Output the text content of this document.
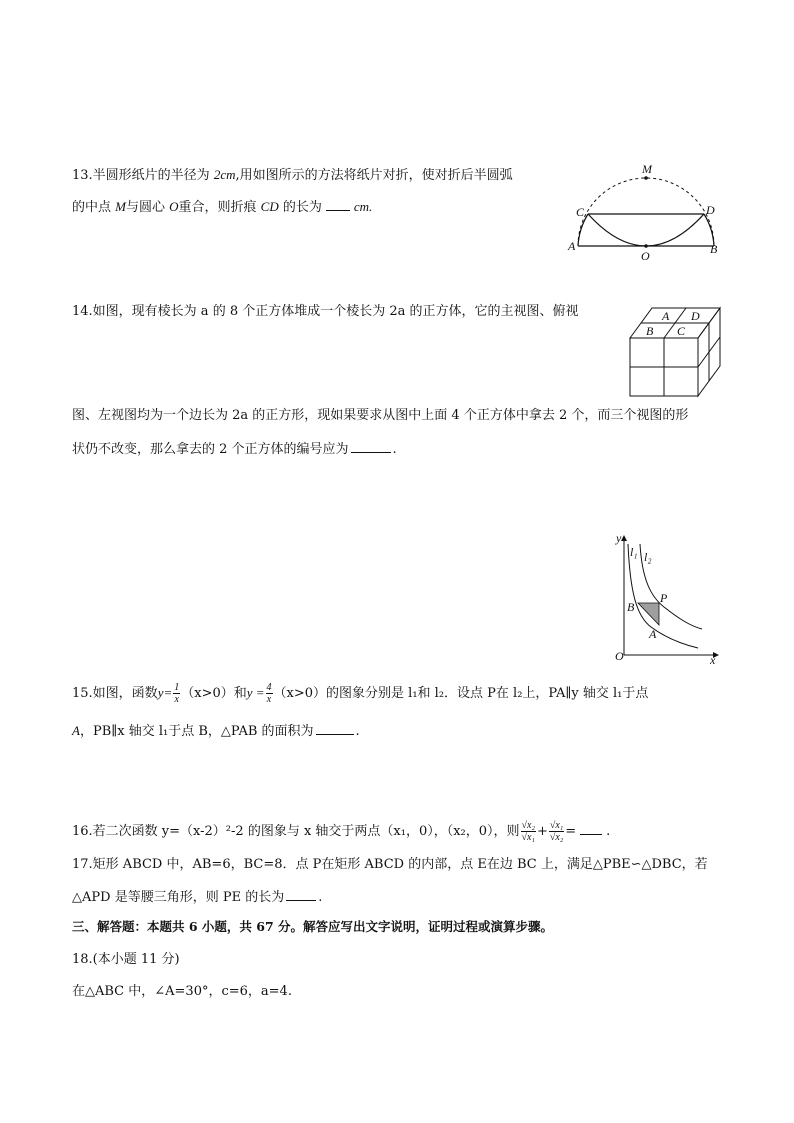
13.半圆形纸片的半径为 2cm,用如图所示的方法将纸片对折，使对折后半圆弧
的中点 M与圆心 O重合，则折痕 CD 的长为 cm.
M
C	D
A
O	B
14.如图，现有棱长为 a 的 8 个正方体堆成一个棱长为 2a 的正方体，它的主视图、俯视
图、左视图均为一个边长为 2a 的正方形，现如果要求从图中上面 4 个正方体中拿去 2 个，而三个视图的形
状仍不改变，那么拿去的 2 个正方体的编号应为	.
A D
B C
y
x
O
l₁ l₂
B
P
A
15.如图，函数$y= \frac{1}{x} (x>0)$和$y = \frac{4}{x} (x>0)$的图象分别是 l₁和 l₂．设点 P在 l₂上，PA∥y 轴交 l₁于点
A，PB∥x 轴交 l₁于点 B，△PAB 的面积为	.
16.若二次函数 y=（x-2）²-2 的图象与 x 轴交于两点（x₁，0），（x₂，0），则 $\frac{\text{√x₂}}{\text{√x₁}} + \frac{\text{√x₁}}{\text{√x₂}}$ = .
17.矩形 ABCD 中，AB=6，BC=8．点 P在矩形 ABCD 的内部，点 E在边 BC 上，满足△PBE∽△DBC，若
△APD 是等腰三角形，则 PE 的长为	.
三、解答题：本题共 6 小题，共 67 分。解答应写出文字说明，证明过程或演算步骤。
18.(本小题 11 分)
在△ABC 中，∠A=30°，c=6，a=4.
